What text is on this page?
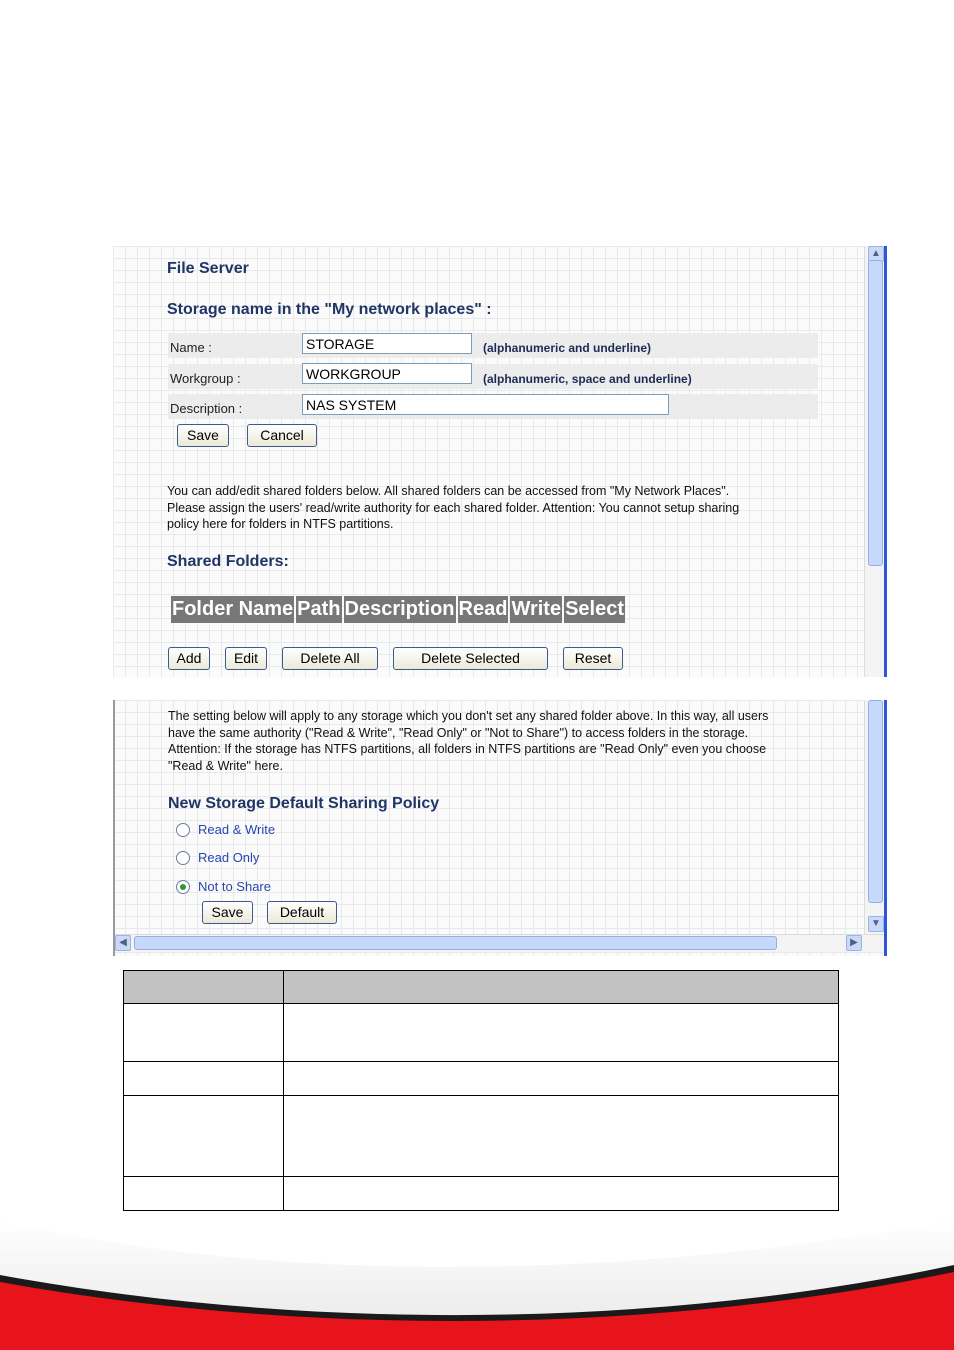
File Server
Storage name in the "My network places" :
Name :
STORAGE	(alphanumeric and underline)
Workgroup :
WORKGROUP	(alphanumeric, space and underline)
Description :
NAS SYSTEM
Save	Cancel
You can add/edit shared folders below. All shared folders can be accessed from "My Network Places".
Please assign the users' read/write authority for each shared folder. Attention: You cannot setup sharing
policy here for folders in NTFS partitions.
Shared Folders:
Folder Name	Path	Description	Read	Write	Select
Add	Edit	Delete All	Delete Selected	Reset
▲
The setting below will apply to any storage which you don't set any shared folder above. In this way, all users
have the same authority ("Read & Write", "Read Only" or "Not to Share") to access folders in the storage.
Attention: If the storage has NTFS partitions, all folders in NTFS partitions are "Read Only" even you choose
"Read & Write" here.
New Storage Default Sharing Policy
Read & Write
Read Only
Not to Share
Save	Default
▼
◀	▶
